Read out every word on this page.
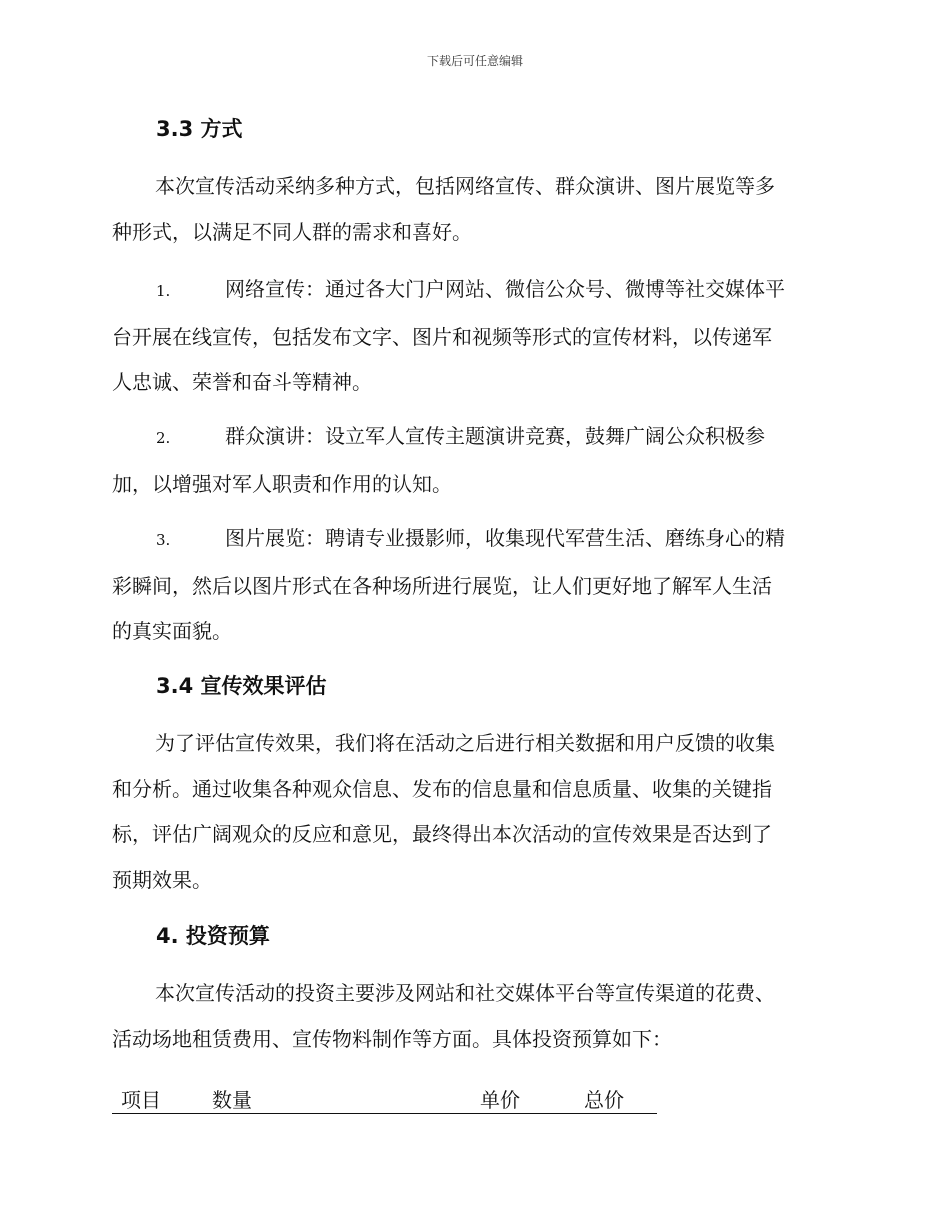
下载后可任意编辑
3.3 方式
本次宣传活动采纳多种方式，包括网络宣传、群众演讲、图片展览等多
种形式，以满足不同人群的需求和喜好。
1.	网络宣传：通过各大门户网站、微信公众号、微博等社交媒体平
台开展在线宣传，包括发布文字、图片和视频等形式的宣传材料，以传递军
人忠诚、荣誉和奋斗等精神。
2.	群众演讲：设立军人宣传主题演讲竞赛，鼓舞广阔公众积极参
加，以增强对军人职责和作用的认知。
3.	图片展览：聘请专业摄影师，收集现代军营生活、磨练身心的精
彩瞬间，然后以图片形式在各种场所进行展览，让人们更好地了解军人生活
的真实面貌。
3.4 宣传效果评估
为了评估宣传效果，我们将在活动之后进行相关数据和用户反馈的收集
和分析。通过收集各种观众信息、发布的信息量和信息质量、收集的关键指
标，评估广阔观众的反应和意见，最终得出本次活动的宣传效果是否达到了
预期效果。
4. 投资预算
本次宣传活动的投资主要涉及网站和社交媒体平台等宣传渠道的花费、
活动场地租赁费用、宣传物料制作等方面。具体投资预算如下：
项目	数量	单价	总价
